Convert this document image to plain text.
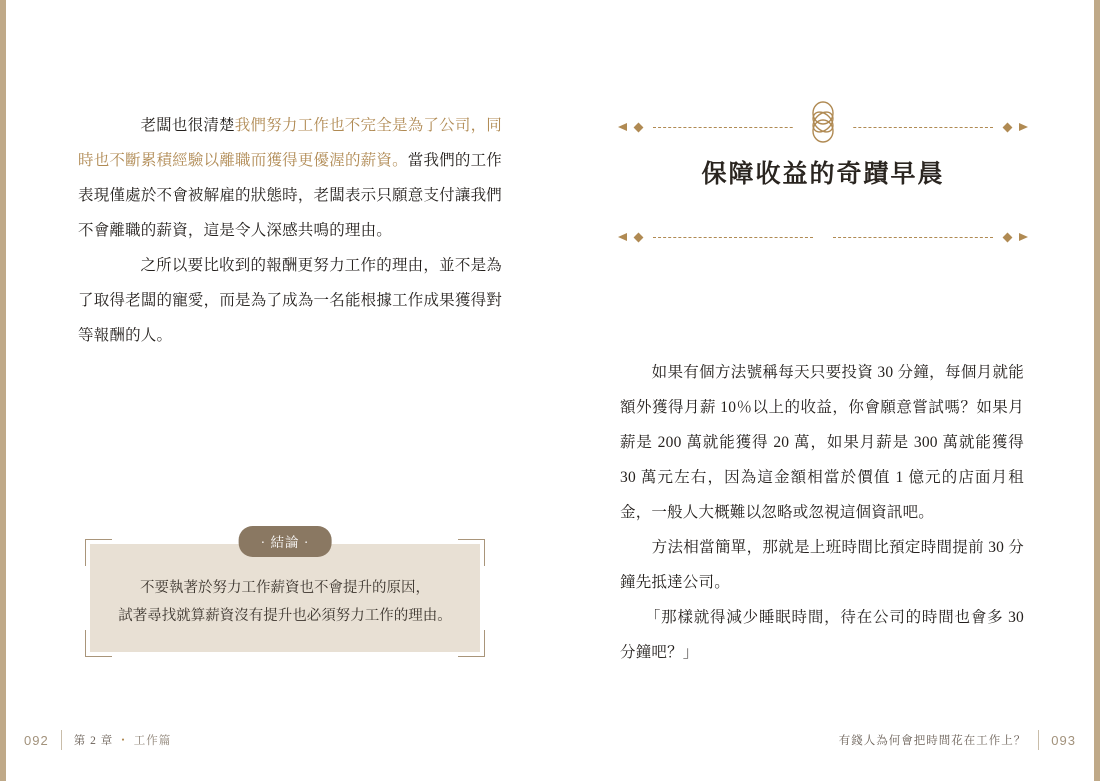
　　老闆也很清楚我們努力工作也不完全是為了公司，同時也不斷累積經驗以離職而獲得更優渥的薪資。當我們的工作表現僅處於不會被解雇的狀態時，老闆表示只願意支付讓我們不會離職的薪資，這是令人深感共鳴的理由。

　　之所以要比收到的報酬更努力工作的理由，並不是為了取得老闆的寵愛，而是為了成為一名能根據工作成果獲得對等報酬的人。

· 結論 ·
不要執著於努力工作薪資也不會提升的原因，
試著尋找就算薪資沒有提升也必須努力工作的理由。
092 第 2 章 ・ 工作篇
保障收益的奇蹟早晨

　　如果有個方法號稱每天只要投資 30 分鐘，每個月就能額外獲得月薪 10％以上的收益，你會願意嘗試嗎？如果月薪是 200 萬就能獲得 20 萬，如果月薪是 300 萬就能獲得 30 萬元左右，因為這金額相當於價值 1 億元的店面月租金，一般人大概難以忽略或忽視這個資訊吧。

　　方法相當簡單，那就是上班時間比預定時間提前 30 分鐘先抵達公司。

　　「那樣就得減少睡眠時間，待在公司的時間也會多 30 分鐘吧？」

有錢人為何會把時間花在工作上？ 093
